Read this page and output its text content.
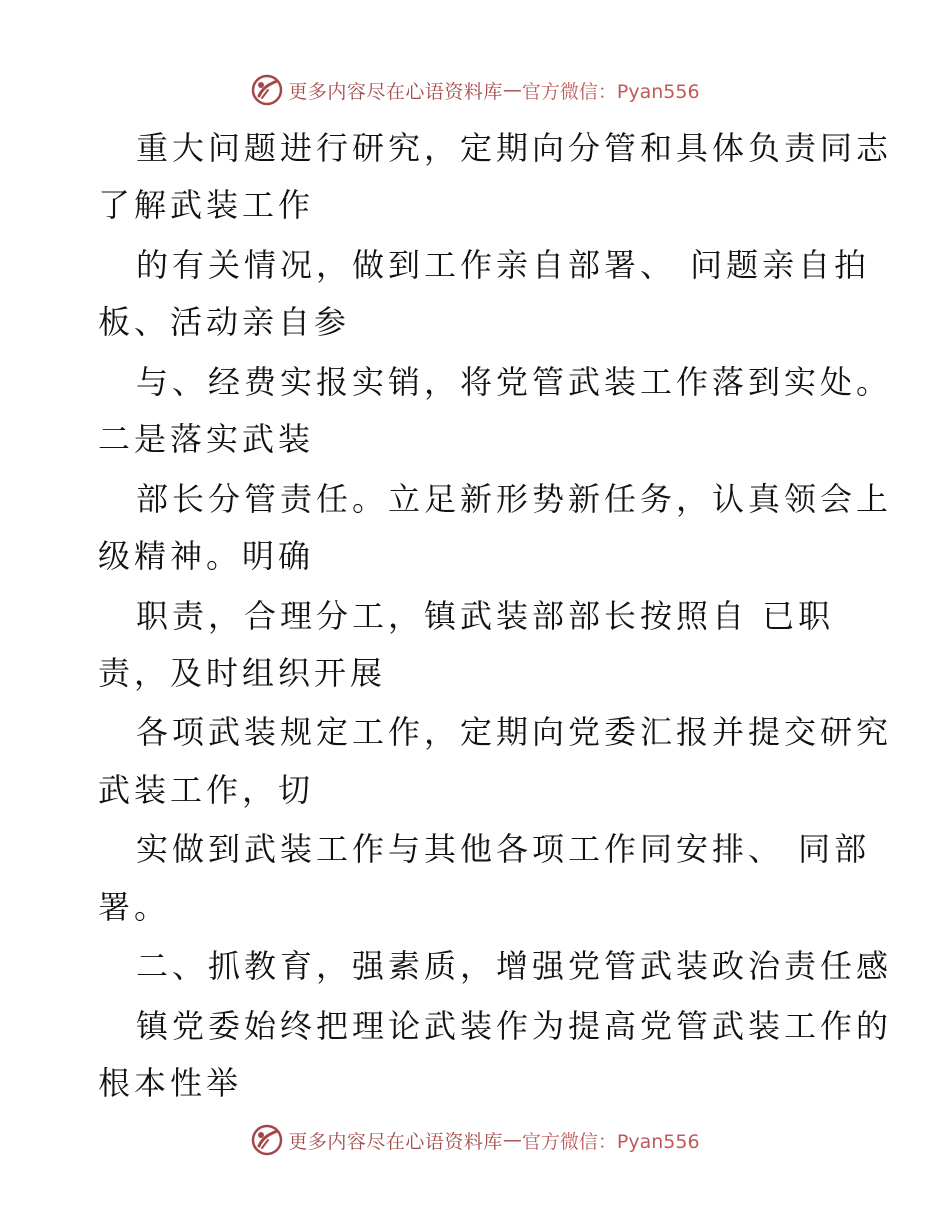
更多内容尽在心语资料库 — 官方微信：Pyan556
重大问题进行研究，定期向分管和具体负责同志
了解武装工作
的有关情况，做到工作亲自部署、 问题亲自拍
板、活动亲自参
与、经费实报实销，将党管武装工作落到实处。
二是落实武装
部长分管责任。立足新形势新任务，认真领会上
级精神。明确
职责，合理分工，镇武装部部长按照自 已职
责，及时组织开展
各项武装规定工作，定期向党委汇报并提交研究
武装工作，切
实做到武装工作与其他各项工作同安排、 同部
署。
二、抓教育，强素质，增强党管武装政治责任感
镇党委始终把理论武装作为提高党管武装工作的
根本性举
更多内容尽在心语资料库 — 官方微信：Pyan556
